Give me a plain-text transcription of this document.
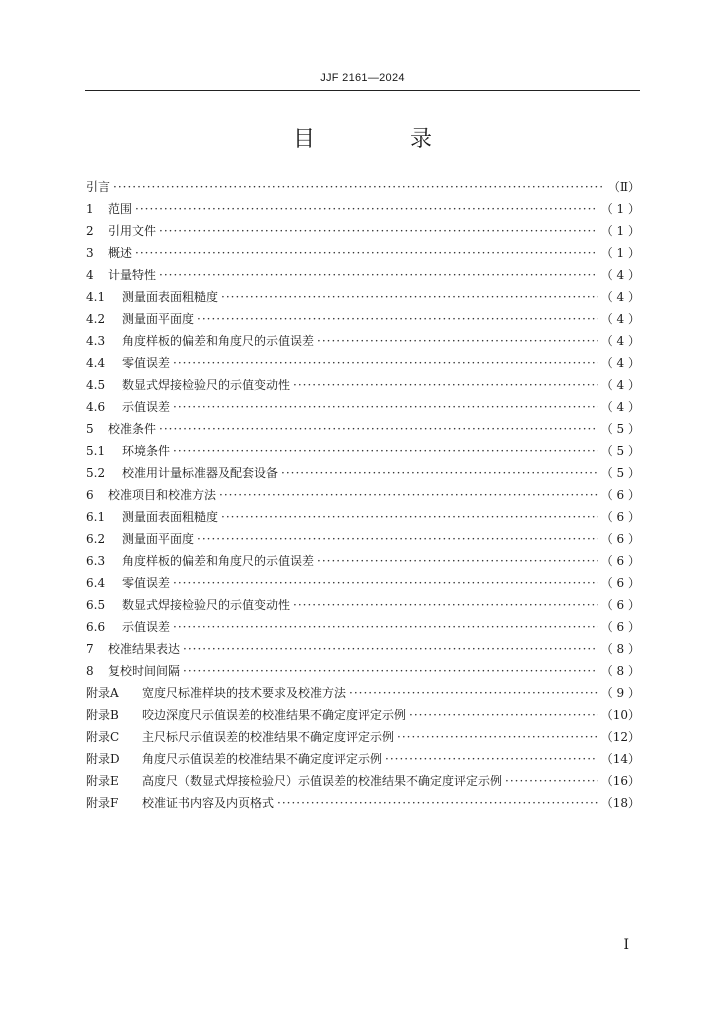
JJF 2161—2024
目 录
引言 ·····	（Ⅱ）
1 范围 ·····	（ 1 ）
2 引用文件 ·····	（ 1 ）
3 概述 ·····	（ 1 ）
4 计量特性 ·····	（ 4 ）
4.1 测量面表面粗糙度 ·····	（ 4 ）
4.2 测量面平面度 ·····	（ 4 ）
4.3 角度样板的偏差和角度尺的示值误差 ·····	（ 4 ）
4.4 零值误差 ·····	（ 4 ）
4.5 数显式焊接检验尺的示值变动性 ·····	（ 4 ）
4.6 示值误差 ·····	（ 4 ）
5 校准条件 ·····	（ 5 ）
5.1 环境条件 ·····	（ 5 ）
5.2 校准用计量标准器及配套设备 ·····	（ 5 ）
6 校准项目和校准方法 ·····	（ 6 ）
6.1 测量面表面粗糙度 ·····	（ 6 ）
6.2 测量面平面度 ·····	（ 6 ）
6.3 角度样板的偏差和角度尺的示值误差 ·····	（ 6 ）
6.4 零值误差 ·····	（ 6 ）
6.5 数显式焊接检验尺的示值变动性 ·····	（ 6 ）
6.6 示值误差 ·····	（ 6 ）
7 校准结果表达 ·····	（ 8 ）
8 复校时间间隔 ·····	（ 8 ）
附录A 宽度尺标准样块的技术要求及校准方法 ·····	（ 9 ）
附录B 咬边深度尺示值误差的校准结果不确定度评定示例 ·····	（10）
附录C 主尺标尺示值误差的校准结果不确定度评定示例 ·····	（12）
附录D 角度尺示值误差的校准结果不确定度评定示例 ·····	（14）
附录E 高度尺（数显式焊接检验尺）示值误差的校准结果不确定度评定示例 ·····	（16）
附录F 校准证书内容及内页格式 ·····	（18）
I
